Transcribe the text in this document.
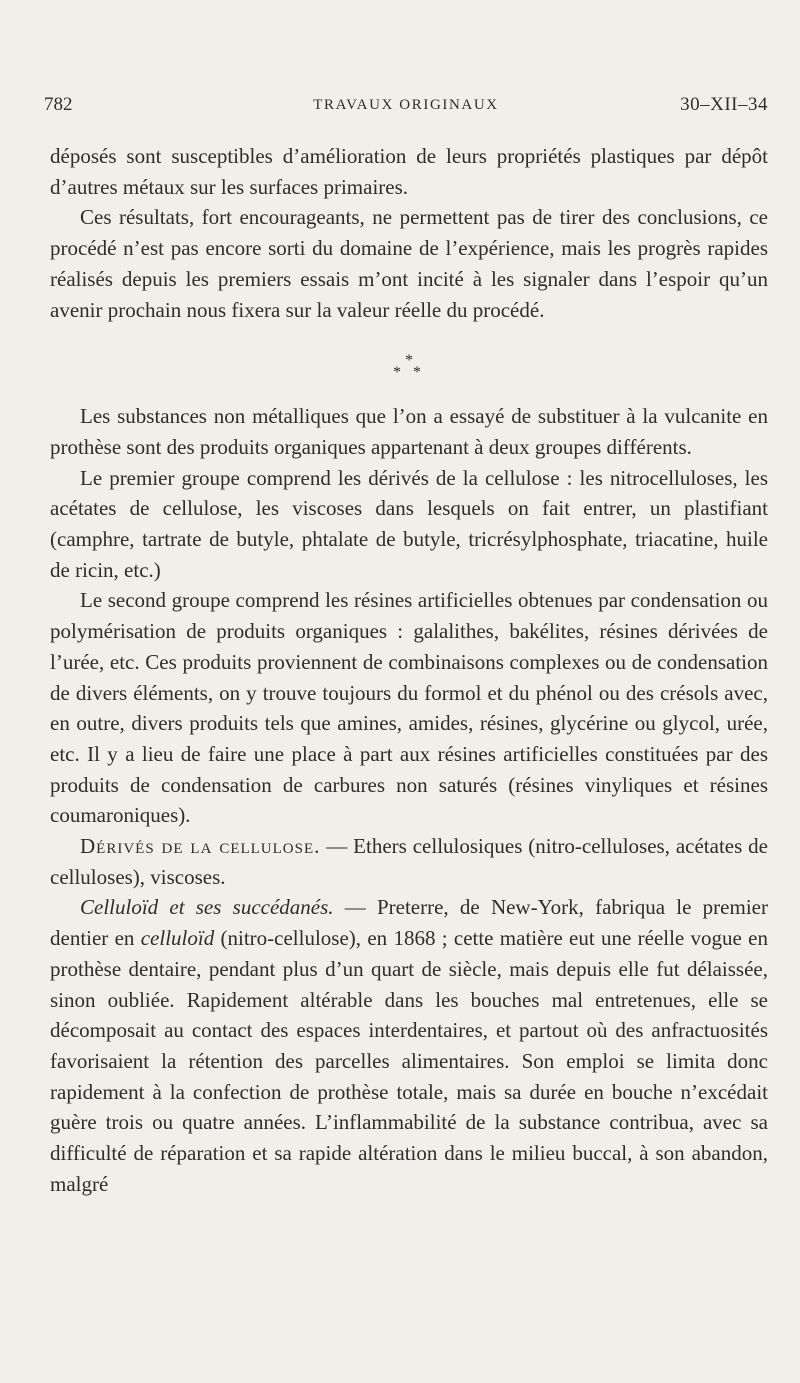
782	TRAVAUX ORIGINAUX	30–XII–34

déposés sont susceptibles d’amélioration de leurs propriétés plastiques par dépôt d’autres métaux sur les surfaces primaires.

Ces résultats, fort encourageants, ne permettent pas de tirer des conclusions, ce procédé n’est pas encore sorti du domaine de l’expérience, mais les progrès rapides réalisés depuis les premiers essais m’ont incité à les signaler dans l’espoir qu’un avenir prochain nous fixera sur la valeur réelle du procédé.

*
* *

Les substances non métalliques que l’on a essayé de substituer à la vulcanite en prothèse sont des produits organiques appartenant à deux groupes différents.

Le premier groupe comprend les dérivés de la cellulose : les nitrocelluloses, les acétates de cellulose, les viscoses dans lesquels on fait entrer, un plastifiant (camphre, tartrate de butyle, phtalate de butyle, tricrésylphosphate, triacatine, huile de ricin, etc.)

Le second groupe comprend les résines artificielles obtenues par condensation ou polymérisation de produits organiques : galalithes, bakélites, résines dérivées de l’urée, etc. Ces produits proviennent de combinaisons complexes ou de condensation de divers éléments, on y trouve toujours du formol et du phénol ou des crésols avec, en outre, divers produits tels que amines, amides, résines, glycérine ou glycol, urée, etc. Il y a lieu de faire une place à part aux résines artificielles constituées par des produits de condensation de carbures non saturés (résines vinyliques et résines coumaroniques).

Dérivés de la cellulose. — Ethers cellulosiques (nitro-celluloses, acétates de celluloses), viscoses.

Celluloïd et ses succédanés. — Preterre, de New-York, fabriqua le premier dentier en celluloïd (nitro-cellulose), en 1868 ; cette matière eut une réelle vogue en prothèse dentaire, pendant plus d’un quart de siècle, mais depuis elle fut délaissée, sinon oubliée. Rapidement altérable dans les bouches mal entretenues, elle se décomposait au contact des espaces interdentaires, et partout où des anfractuosités favorisaient la rétention des parcelles alimentaires. Son emploi se limita donc rapidement à la confection de prothèse totale, mais sa durée en bouche n’excédait guère trois ou quatre années. L’inflammabilité de la substance contribua, avec sa difficulté de réparation et sa rapide altération dans le milieu buccal, à son abandon, malgré
